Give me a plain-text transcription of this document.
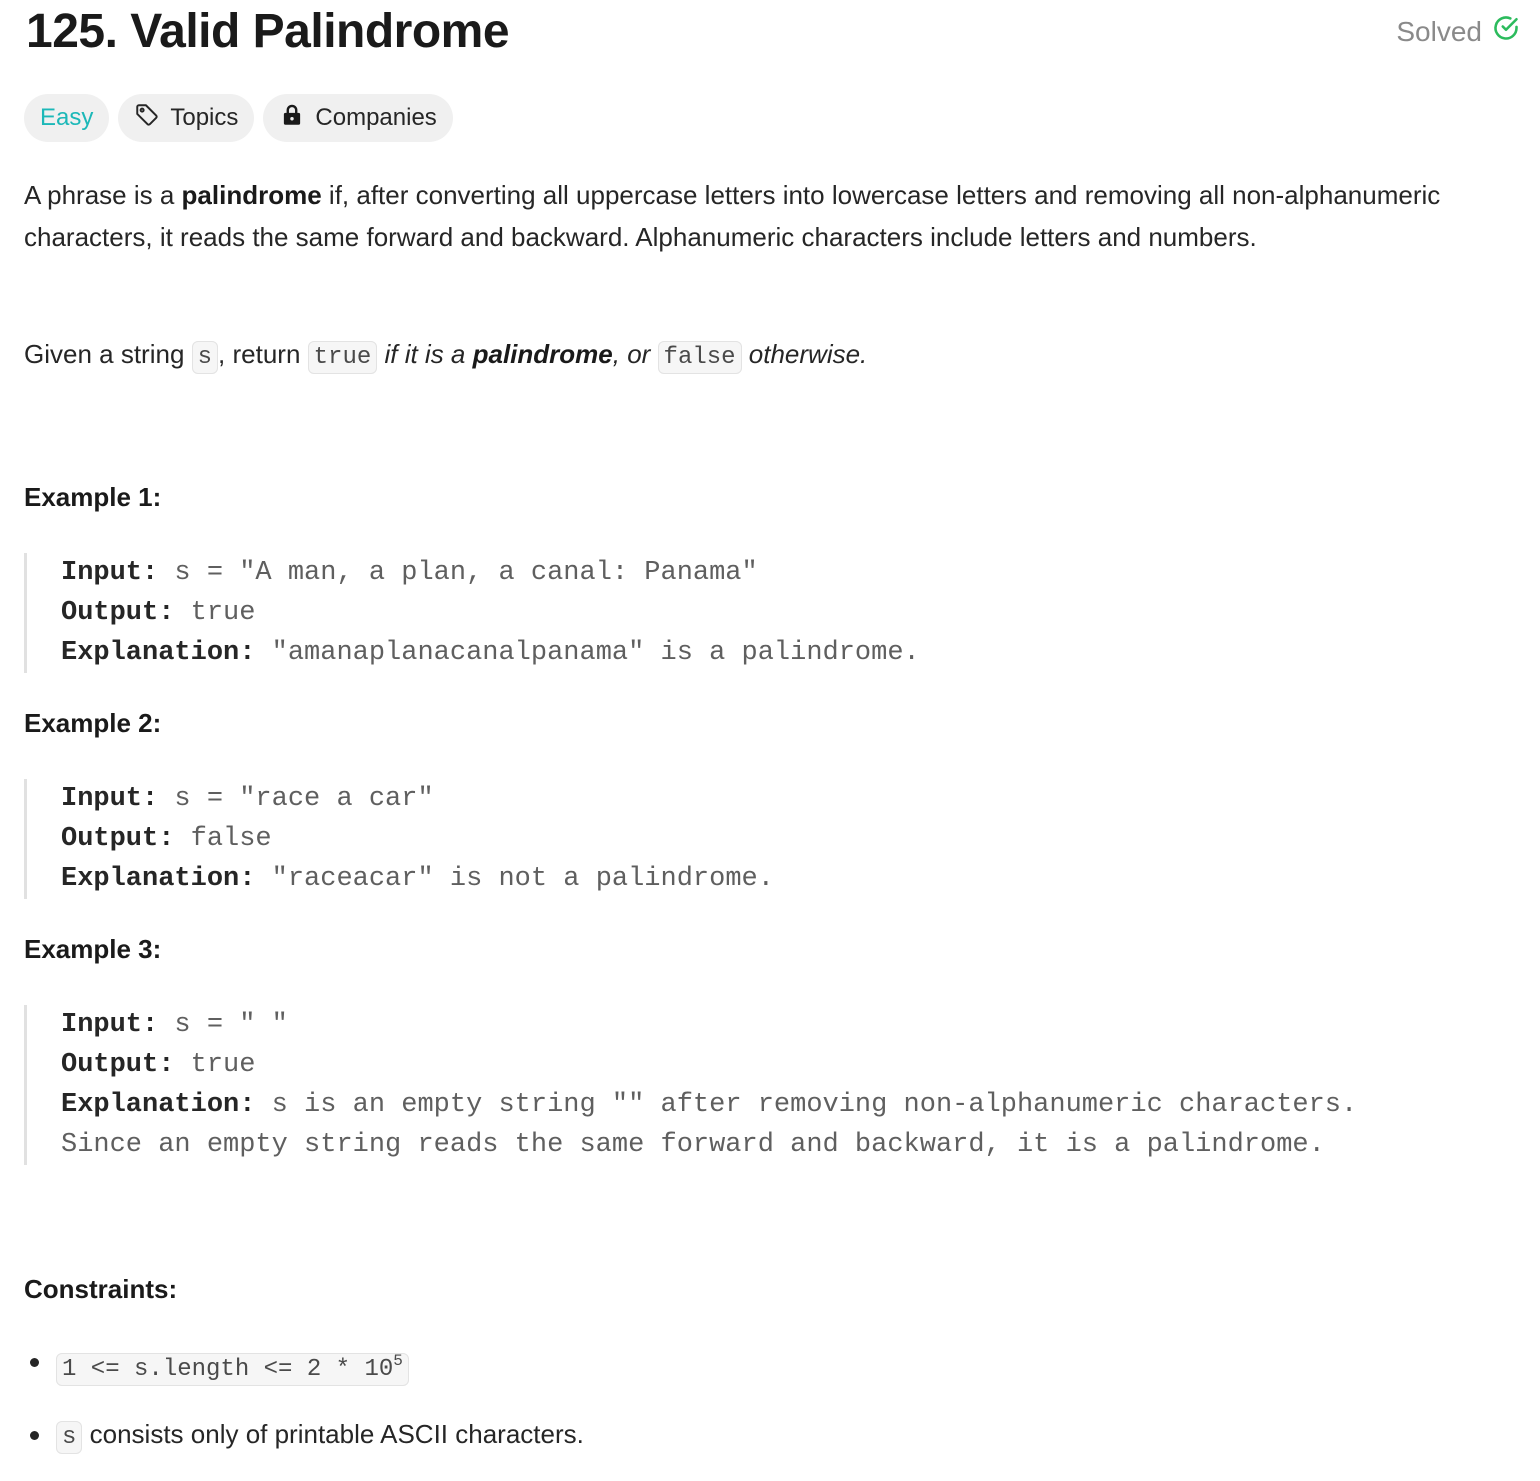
125. Valid Palindrome	Solved
Easy	Topics	Companies
A phrase is a palindrome if, after converting all uppercase letters into lowercase letters and removing all non-alphanumeric characters, it reads the same forward and backward. Alphanumeric characters include letters and numbers.
Given a string s , return true if it is a palindrome, or false otherwise.
Example 1:
Input: s = "A man, a plan, a canal: Panama"
Output: true
Explanation: "amanaplanacanalpanama" is a palindrome.
Example 2:
Input: s = "race a car"
Output: false
Explanation: "raceacar" is not a palindrome.
Example 3:
Input: s = " "
Output: true
Explanation: s is an empty string "" after removing non-alphanumeric characters.
Since an empty string reads the same forward and backward, it is a palindrome.
Constraints:
1 <= s.length <= $2 * 10^5$
s consists only of printable ASCII characters.
